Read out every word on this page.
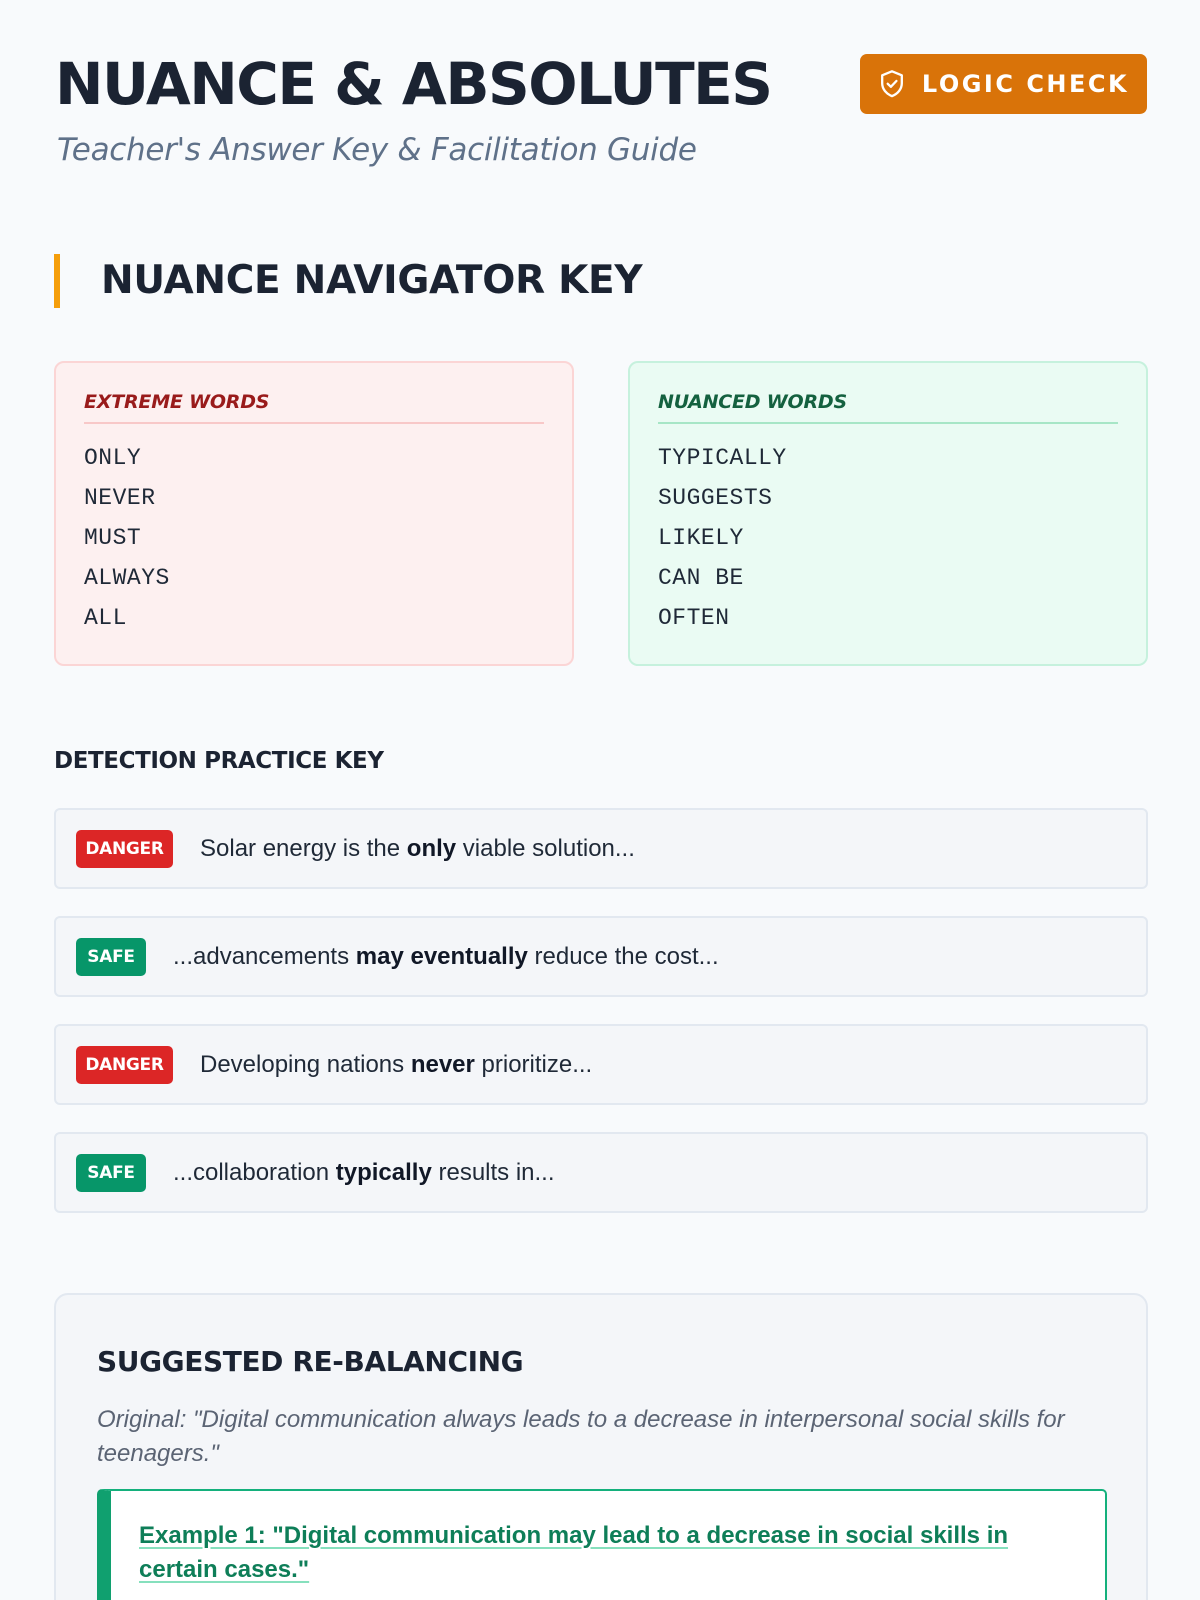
NUANCE & ABSOLUTES
Teacher's Answer Key & Facilitation Guide
LOGIC CHECK
NUANCE NAVIGATOR KEY
EXTREME WORDS
ONLY
NEVER
MUST
ALWAYS
ALL
NUANCED WORDS
TYPICALLY
SUGGESTS
LIKELY
CAN BE
OFTEN
DETECTION PRACTICE KEY
DANGER	Solar energy is the only viable solution...
SAFE	...advancements may eventually reduce the cost...
DANGER	Developing nations never prioritize...
SAFE	...collaboration typically results in...
SUGGESTED RE-BALANCING

Original: "Digital communication always leads to a decrease in interpersonal social skills for teenagers."

Example 1: "Digital communication may lead to a decrease in social skills in certain cases."
